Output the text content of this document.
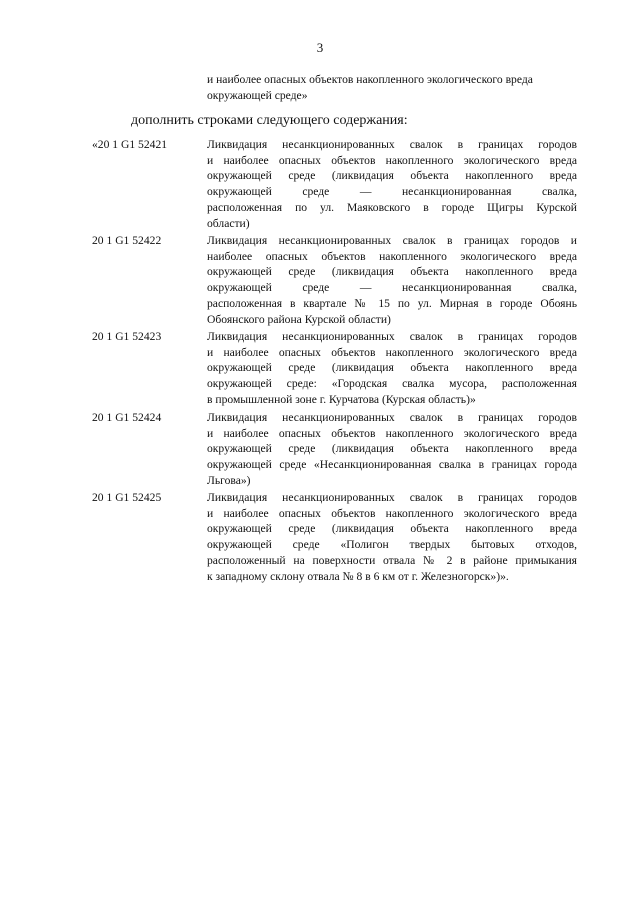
3
и наиболее опасных объектов накопленного экологического вреда
окружающей среде»
дополнить строками следующего содержания:
«20 1 G1 52421	Ликвидация несанкционированных свалок в границах городов
и наиболее опасных объектов накопленного экологического вреда
окружающей среде (ликвидация объекта накопленного вреда
окружающей среде — несанкционированная свалка,
расположенная по ул. Маяковского в городе Щигры Курской
области)
20 1 G1 52422	Ликвидация несанкционированных свалок в границах городов и
наиболее опасных объектов накопленного экологического вреда
окружающей среде (ликвидация объекта накопленного вреда
окружающей среде — несанкционированная свалка,
расположенная в квартале № 15 по ул. Мирная в городе Обоянь
Обоянского района Курской области)
20 1 G1 52423	Ликвидация несанкционированных свалок в границах городов
и наиболее опасных объектов накопленного экологического вреда
окружающей среде (ликвидация объекта накопленного вреда
окружающей среде: «Городская свалка мусора, расположенная
в промышленной зоне г. Курчатова (Курская область)»
20 1 G1 52424	Ликвидация несанкционированных свалок в границах городов
и наиболее опасных объектов накопленного экологического вреда
окружающей среде (ликвидация объекта накопленного вреда
окружающей среде «Несанкционированная свалка в границах города
Льгова»)
20 1 G1 52425	Ликвидация несанкционированных свалок в границах городов
и наиболее опасных объектов накопленного экологического вреда
окружающей среде (ликвидация объекта накопленного вреда
окружающей среде «Полигон твердых бытовых отходов,
расположенный на поверхности отвала № 2 в районе примыкания
к западному склону отвала № 8 в 6 км от г. Железногорск»)».
